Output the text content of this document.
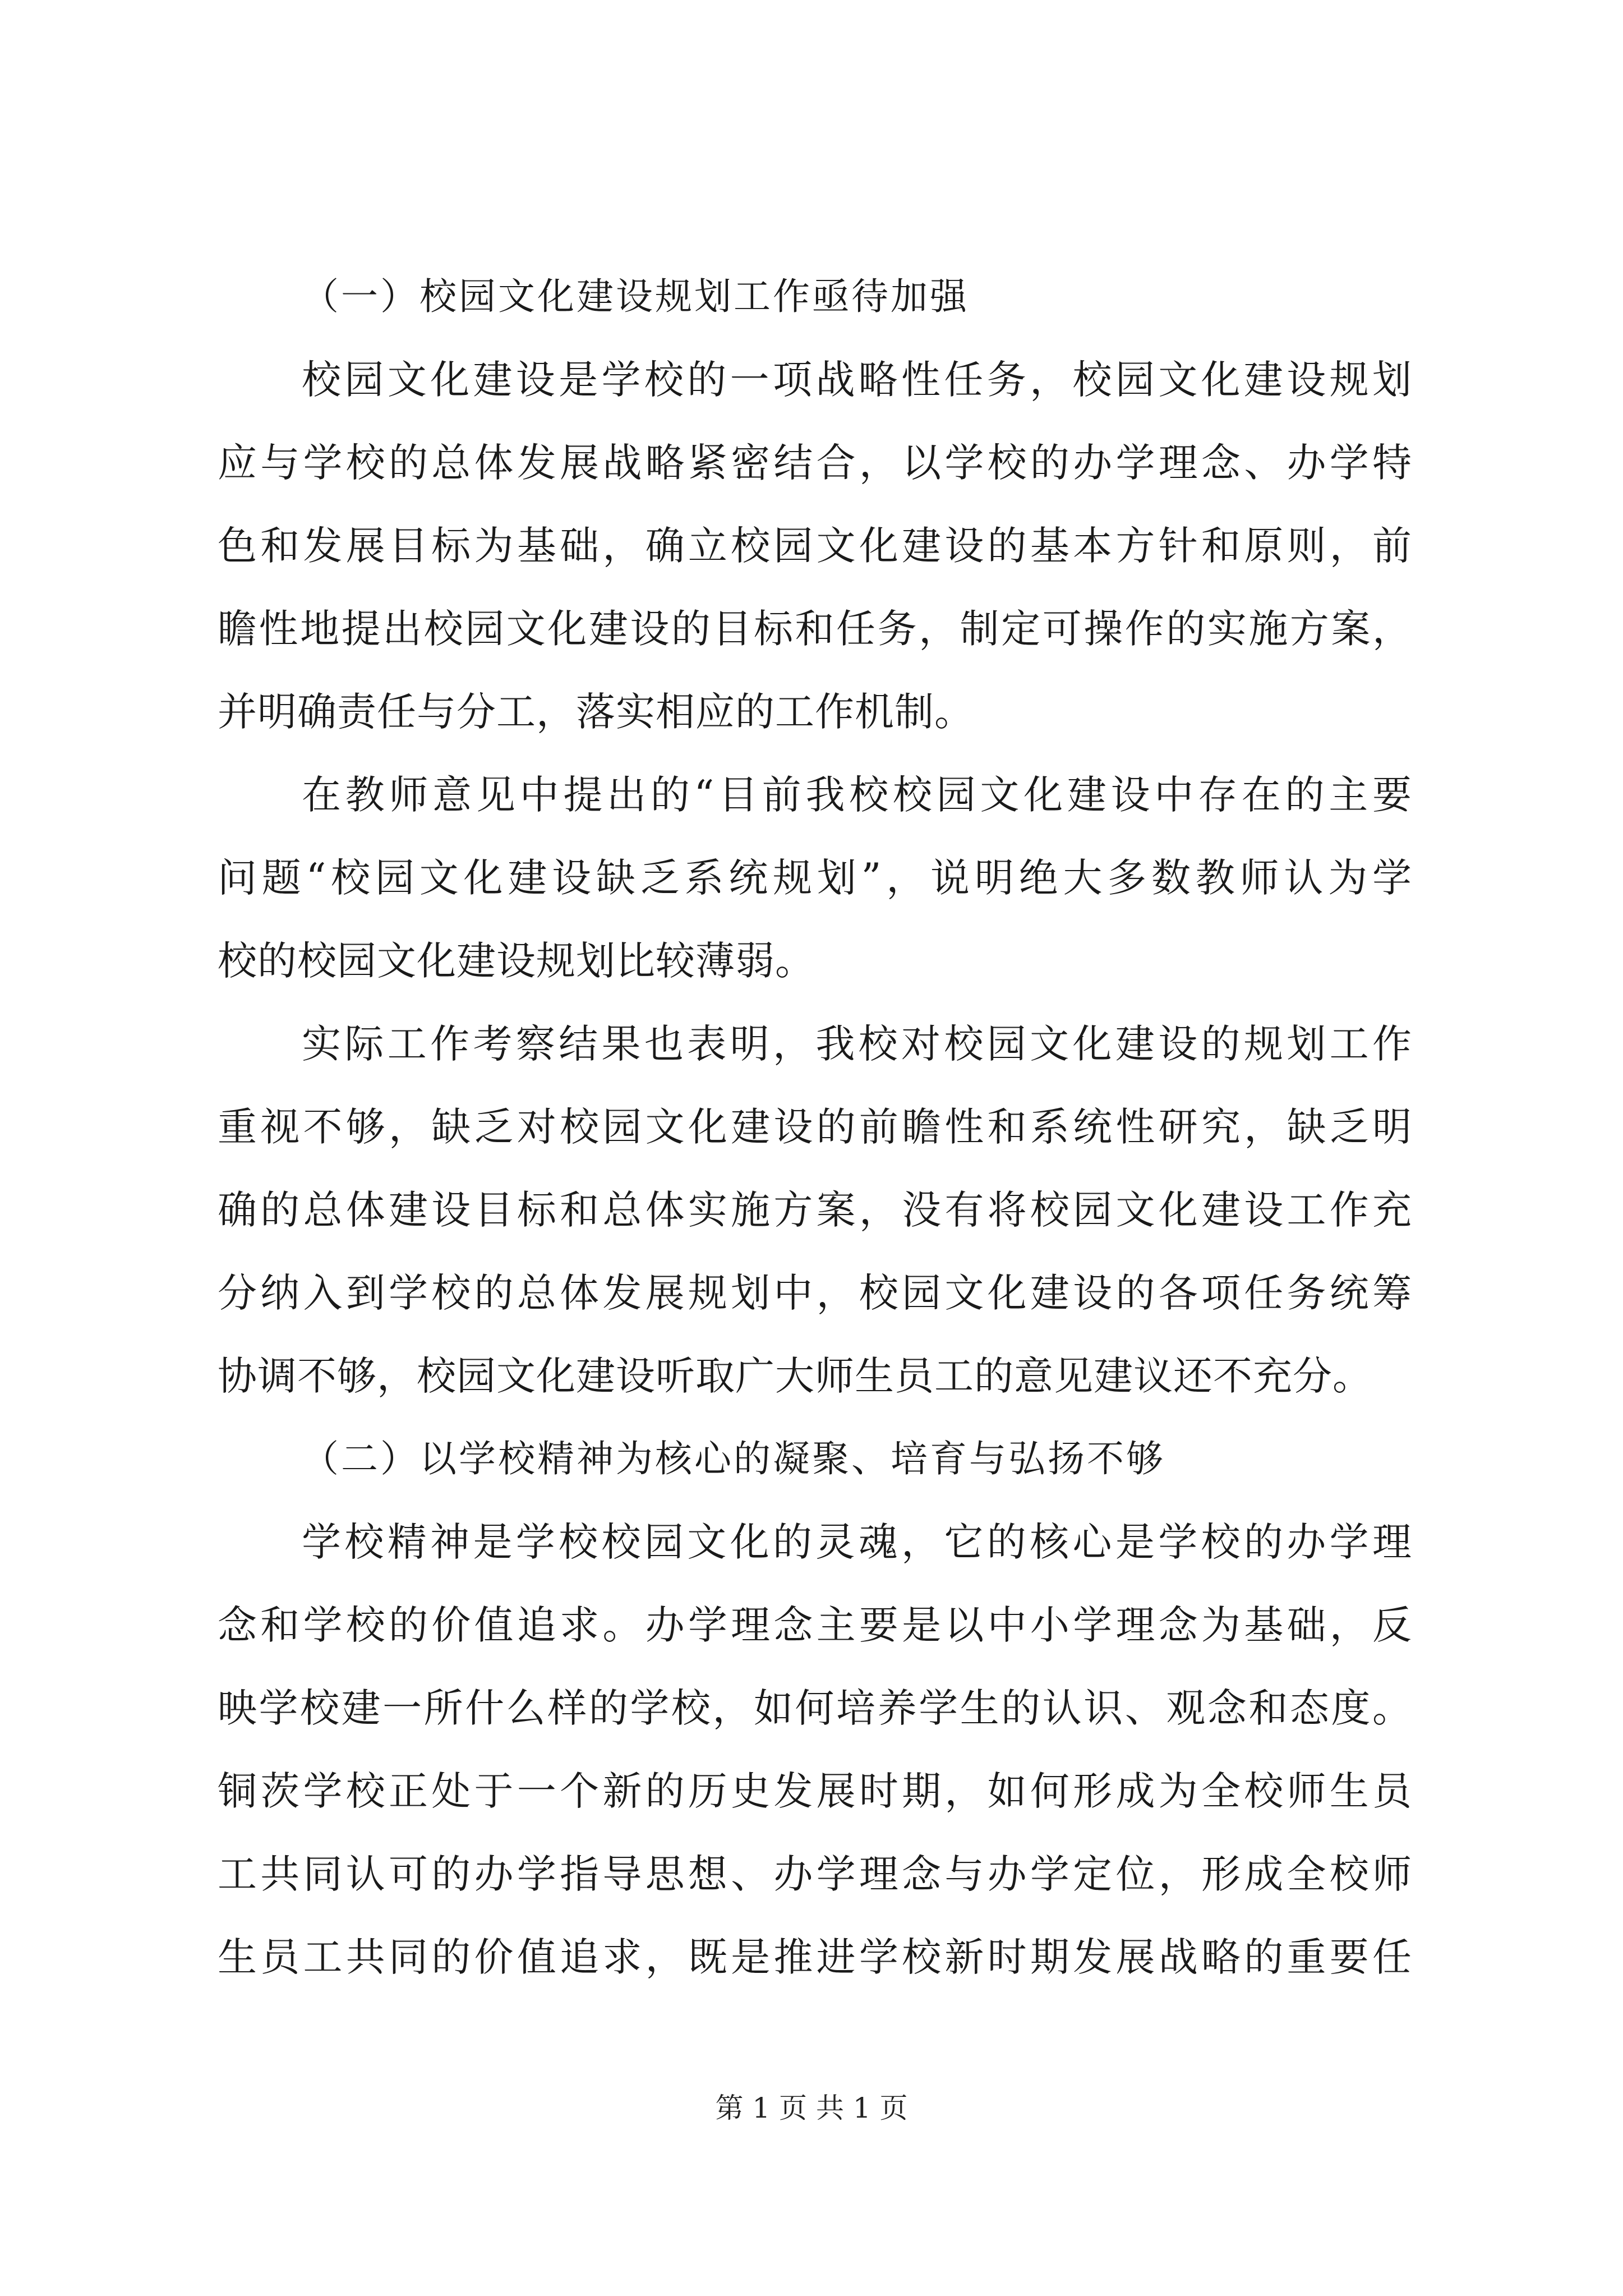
（一）校园文化建设规划工作亟待加强
校园文化建设是学校的一项战略性任务，校园文化建设规划
应与学校的总体发展战略紧密结合，以学校的办学理念、办学特
色和发展目标为基础，确立校园文化建设的基本方针和原则，前
瞻性地提出校园文化建设的目标和任务，制定可操作的实施方案，
并明确责任与分工，落实相应的工作机制。
在教师意见中提出的“目前我校校园文化建设中存在的主要
问题“校园文化建设缺乏系统规划”，说明绝大多数教师认为学
校的校园文化建设规划比较薄弱。
实际工作考察结果也表明，我校对校园文化建设的规划工作
重视不够，缺乏对校园文化建设的前瞻性和系统性研究，缺乏明
确的总体建设目标和总体实施方案，没有将校园文化建设工作充
分纳入到学校的总体发展规划中，校园文化建设的各项任务统筹
协调不够，校园文化建设听取广大师生员工的意见建议还不充分。
（二）以学校精神为核心的凝聚、培育与弘扬不够
学校精神是学校校园文化的灵魂，它的核心是学校的办学理
念和学校的价值追求。办学理念主要是以中小学理念为基础，反
映学校建一所什么样的学校，如何培养学生的认识、观念和态度。
铜茨学校正处于一个新的历史发展时期，如何形成为全校师生员
工共同认可的办学指导思想、办学理念与办学定位，形成全校师
生员工共同的价值追求，既是推进学校新时期发展战略的重要任
第 1 页 共 1 页
